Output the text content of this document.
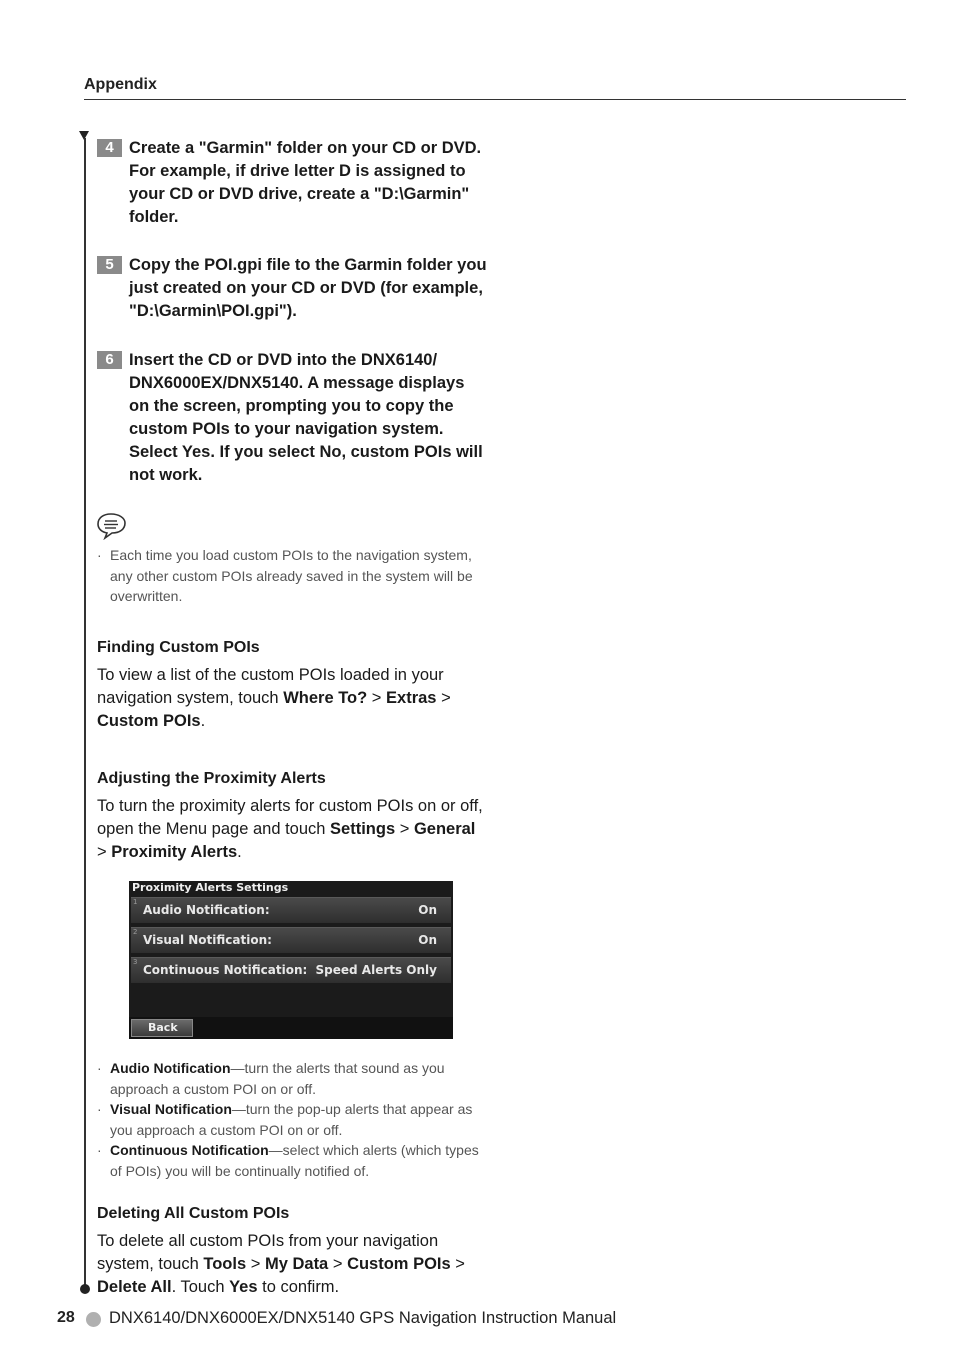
Appendix
4 Create a "Garmin" folder on your CD or DVD. For example, if drive letter D is assigned to your CD or DVD drive, create a "D:\Garmin" folder.
5 Copy the POI.gpi file to the Garmin folder you just created on your CD or DVD (for example, "D:\Garmin\POI.gpi").
6 Insert the CD or DVD into the DNX6140/ DNX6000EX/DNX5140. A message displays on the screen, prompting you to copy the custom POIs to your navigation system. Select Yes. If you select No, custom POIs will not work.
· Each time you load custom POIs to the navigation system, any other custom POIs already saved in the system will be overwritten.
Finding Custom POIs
To view a list of the custom POIs loaded in your navigation system, touch Where To? > Extras > Custom POIs.
Adjusting the Proximity Alerts
To turn the proximity alerts for custom POIs on or off, open the Menu page and touch Settings > General > Proximity Alerts.
Proximity Alerts Settings
1
Audio Notification:	On
2
Visual Notification:	On
3
Continuous Notification: Speed Alerts Only
Back
· Audio Notification—turn the alerts that sound as you approach a custom POI on or off.
· Visual Notification—turn the pop-up alerts that appear as you approach a custom POI on or off.
· Continuous Notification—select which alerts (which types of POIs) you will be continually notified of.
Deleting All Custom POIs
To delete all custom POIs from your navigation system, touch Tools > My Data > Custom POIs > Delete All. Touch Yes to confirm.
28 DNX6140/DNX6000EX/DNX5140 GPS Navigation Instruction Manual
